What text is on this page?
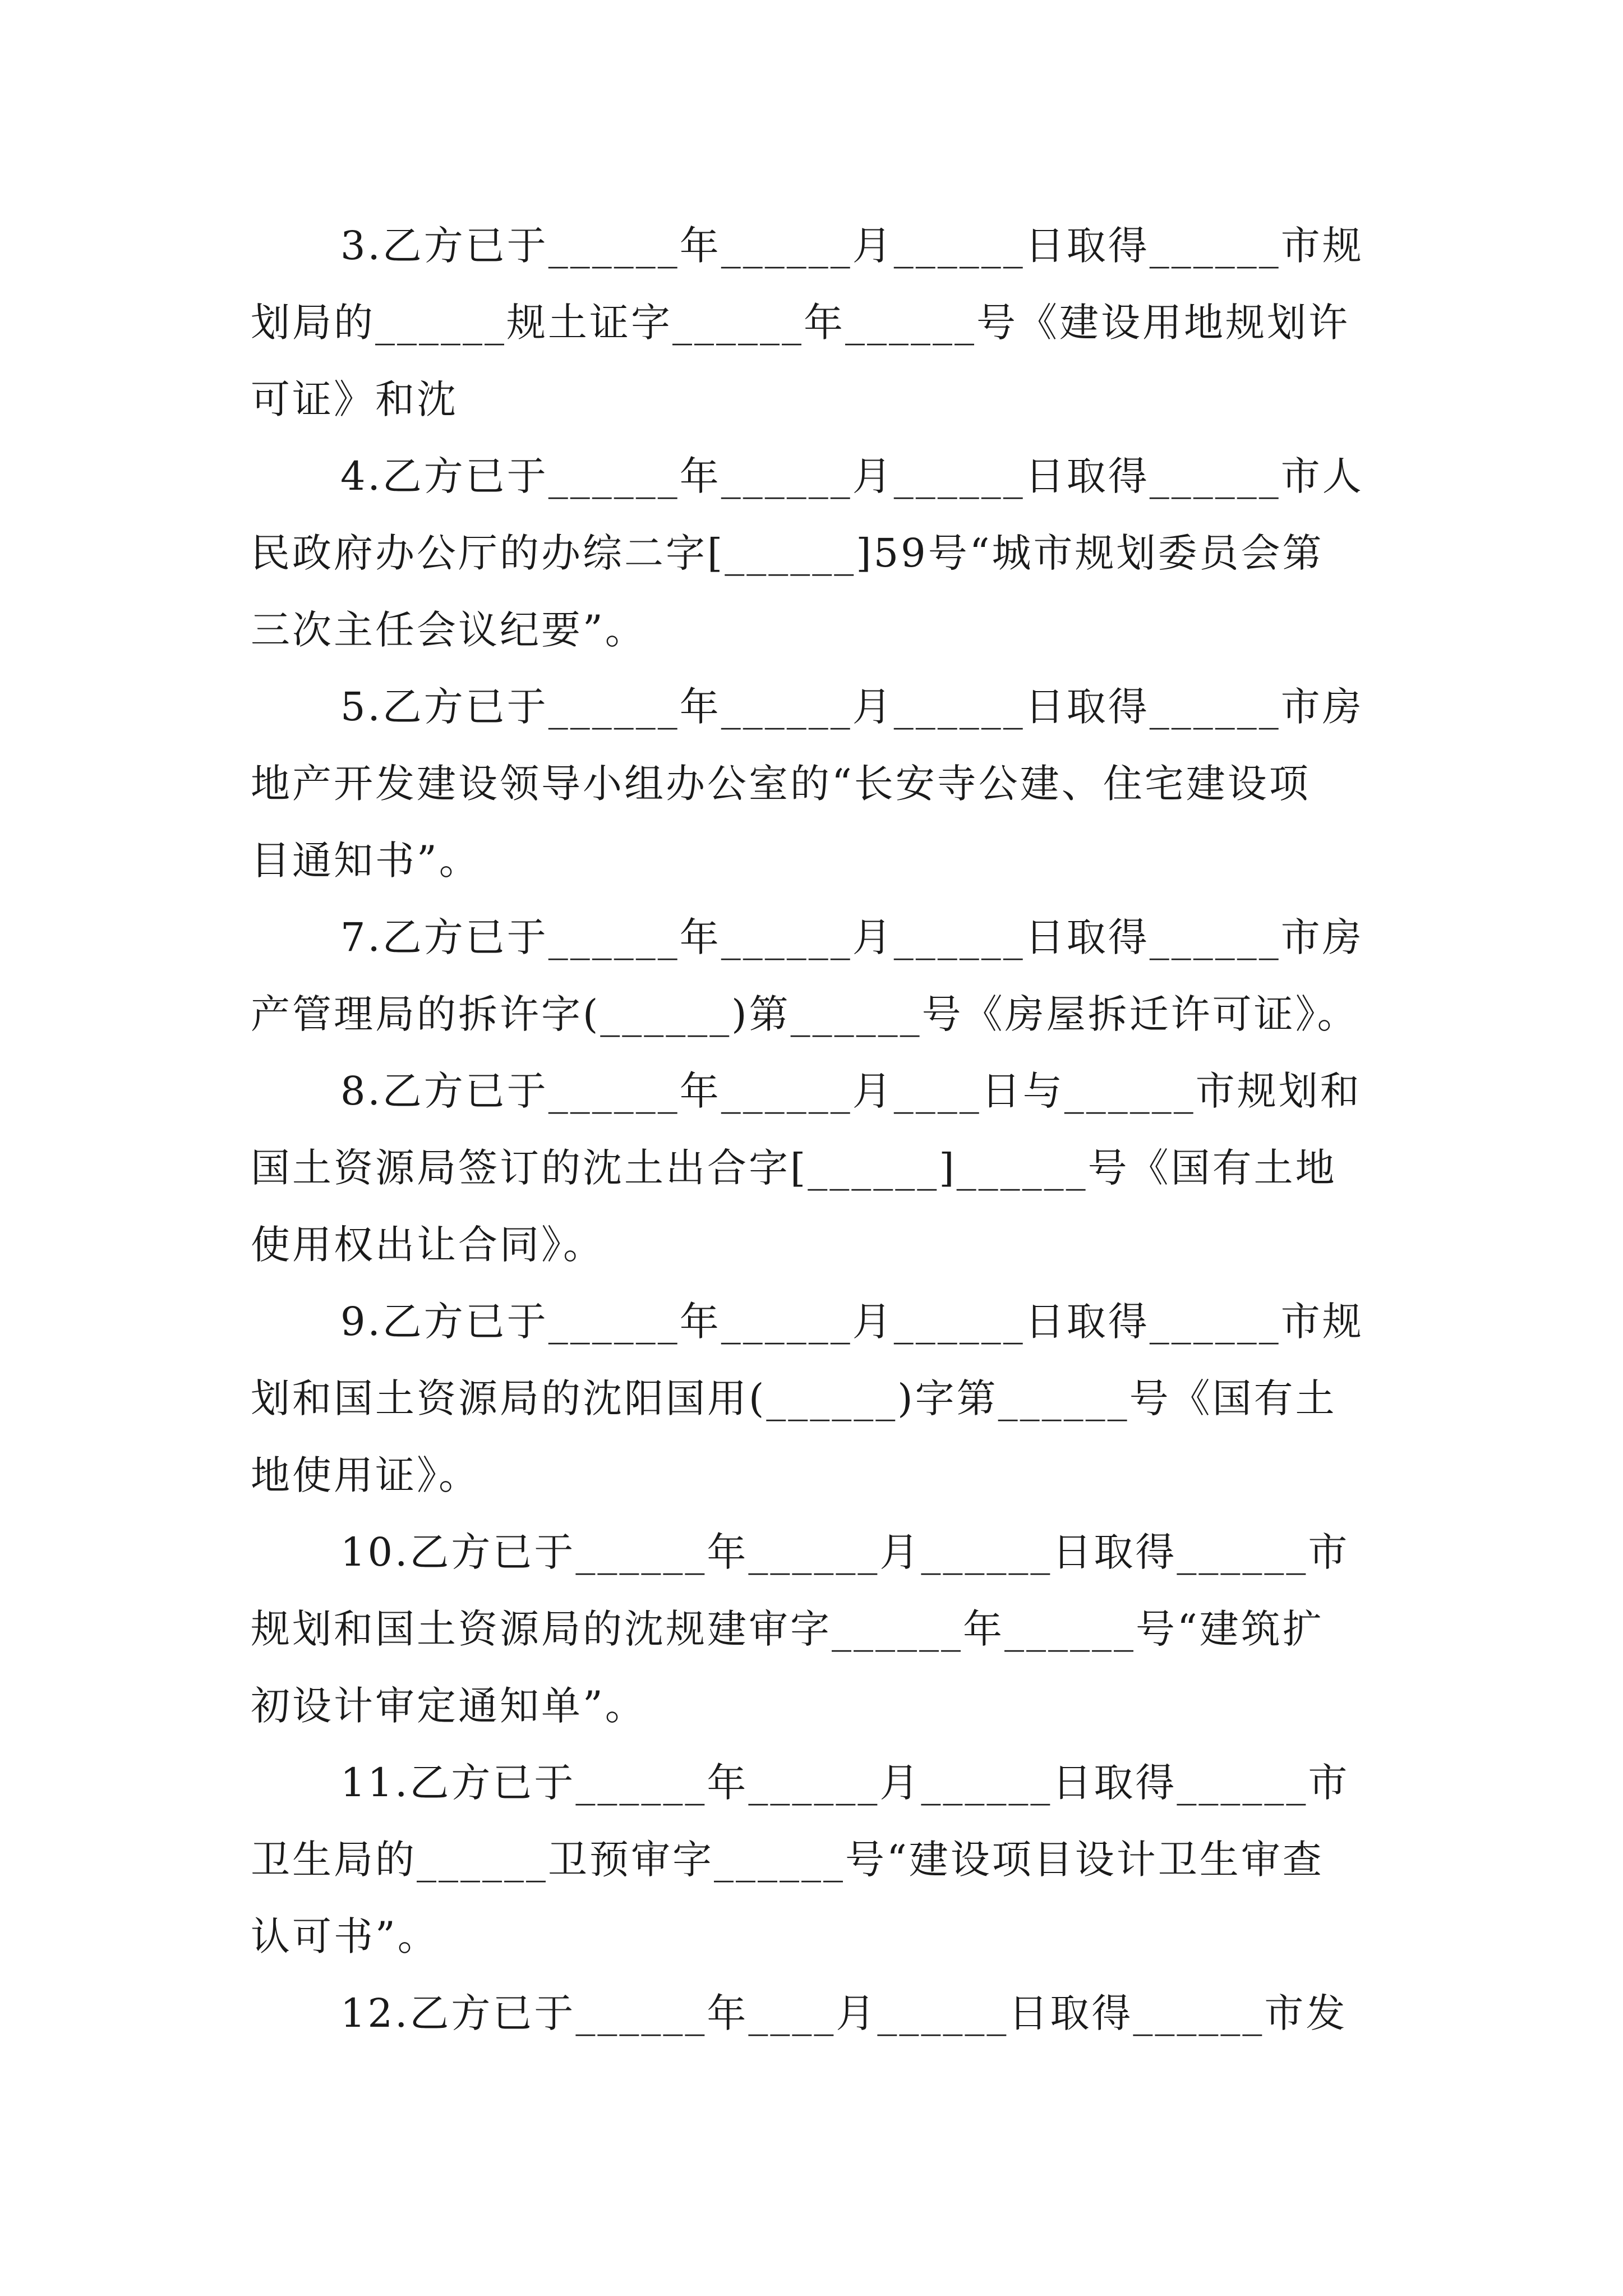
3.乙方已于______年______月______日取得______市规
划局的______规土证字______年______号《建设用地规划许
可证》和沈
4.乙方已于______年______月______日取得______市人
民政府办公厅的办综二字[______]59号“城市规划委员会第
三次主任会议纪要”。
5.乙方已于______年______月______日取得______市房
地产开发建设领导小组办公室的“长安寺公建、住宅建设项
目通知书”。
7.乙方已于______年______月______日取得______市房
产管理局的拆许字(______)第______号《房屋拆迁许可证》。
8.乙方已于______年______月____日与______市规划和
国土资源局签订的沈土出合字[______]______号《国有土地
使用权出让合同》。
9.乙方已于______年______月______日取得______市规
划和国土资源局的沈阳国用(______)字第______号《国有土
地使用证》。
10.乙方已于______年______月______日取得______市
规划和国土资源局的沈规建审字______年______号“建筑扩
初设计审定通知单”。
11.乙方已于______年______月______日取得______市
卫生局的______卫预审字______号“建设项目设计卫生审查
认可书”。
12.乙方已于______年____月______日取得______市发
